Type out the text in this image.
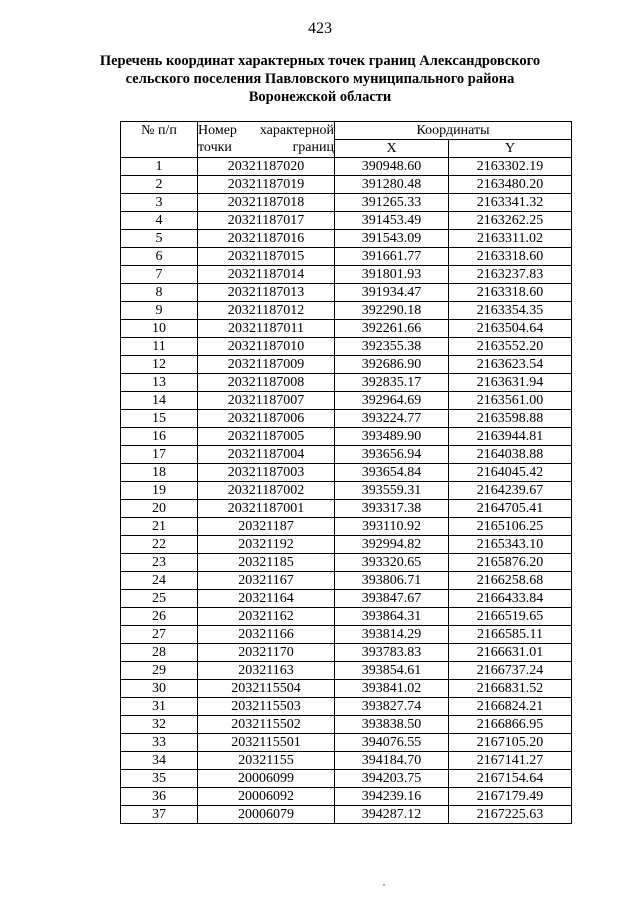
423
Перечень координат характерных точек границ Александровского
сельского поселения Павловского муниципального района
Воронежской области
№ п/п	Номер характерной точки границ	Координаты	
		X	Y
1	20321187020	390948.60	2163302.19
2	20321187019	391280.48	2163480.20
3	20321187018	391265.33	2163341.32
4	20321187017	391453.49	2163262.25
5	20321187016	391543.09	2163311.02
6	20321187015	391661.77	2163318.60
7	20321187014	391801.93	2163237.83
8	20321187013	391934.47	2163318.60
9	20321187012	392290.18	2163354.35
10	20321187011	392261.66	2163504.64
11	20321187010	392355.38	2163552.20
12	20321187009	392686.90	2163623.54
13	20321187008	392835.17	2163631.94
14	20321187007	392964.69	2163561.00
15	20321187006	393224.77	2163598.88
16	20321187005	393489.90	2163944.81
17	20321187004	393656.94	2164038.88
18	20321187003	393654.84	2164045.42
19	20321187002	393559.31	2164239.67
20	20321187001	393317.38	2164705.41
21	20321187	393110.92	2165106.25
22	20321192	392994.82	2165343.10
23	20321185	393320.65	2165876.20
24	20321167	393806.71	2166258.68
25	20321164	393847.67	2166433.84
26	20321162	393864.31	2166519.65
27	20321166	393814.29	2166585.11
28	20321170	393783.83	2166631.01
29	20321163	393854.61	2166737.24
30	2032115504	393841.02	2166831.52
31	2032115503	393827.74	2166824.21
32	2032115502	393838.50	2166866.95
33	2032115501	394076.55	2167105.20
34	20321155	394184.70	2167141.27
35	20006099	394203.75	2167154.64
36	20006092	394239.16	2167179.49
37	20006079	394287.12	2167225.63
